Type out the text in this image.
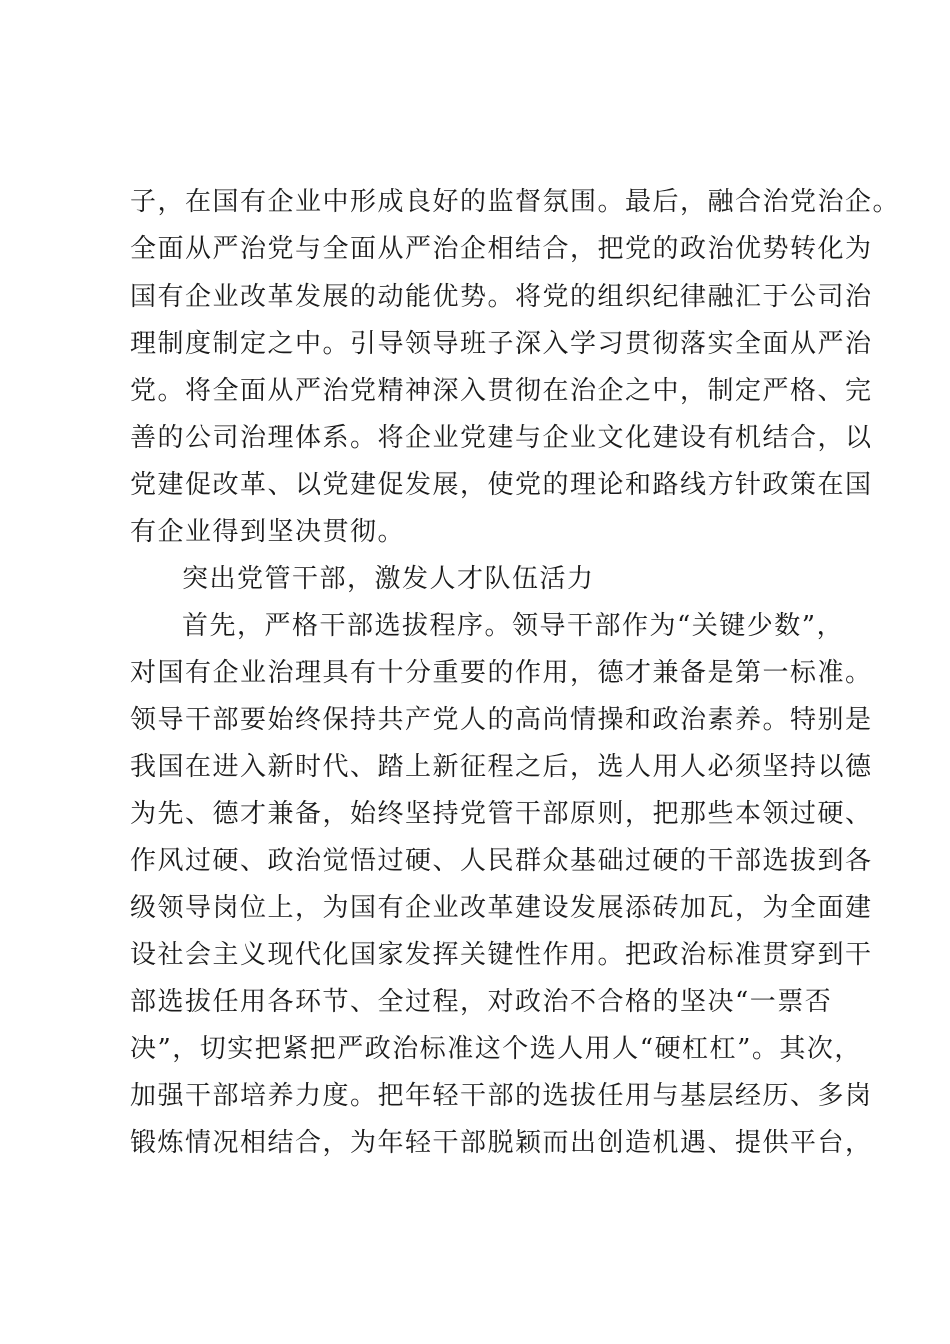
子，在国有企业中形成良好的监督氛围。最后，融合治党治企。
全面从严治党与全面从严治企相结合，把党的政治优势转化为
国有企业改革发展的动能优势。将党的组织纪律融汇于公司治
理制度制定之中。引导领导班子深入学习贯彻落实全面从严治
党。将全面从严治党精神深入贯彻在治企之中，制定严格、完
善的公司治理体系。将企业党建与企业文化建设有机结合，以
党建促改革、以党建促发展，使党的理论和路线方针政策在国
有企业得到坚决贯彻。
突出党管干部，激发人才队伍活力
首先，严格干部选拔程序。领导干部作为“关键少数”，
对国有企业治理具有十分重要的作用，德才兼备是第一标准。
领导干部要始终保持共产党人的高尚情操和政治素养。特别是
我国在进入新时代、踏上新征程之后，选人用人必须坚持以德
为先、德才兼备，始终坚持党管干部原则，把那些本领过硬、
作风过硬、政治觉悟过硬、人民群众基础过硬的干部选拔到各
级领导岗位上，为国有企业改革建设发展添砖加瓦，为全面建
设社会主义现代化国家发挥关键性作用。把政治标准贯穿到干
部选拔任用各环节、全过程，对政治不合格的坚决“一票否
决”，切实把紧把严政治标准这个选人用人“硬杠杠”。其次，
加强干部培养力度。把年轻干部的选拔任用与基层经历、多岗
锻炼情况相结合，为年轻干部脱颖而出创造机遇、提供平台，
